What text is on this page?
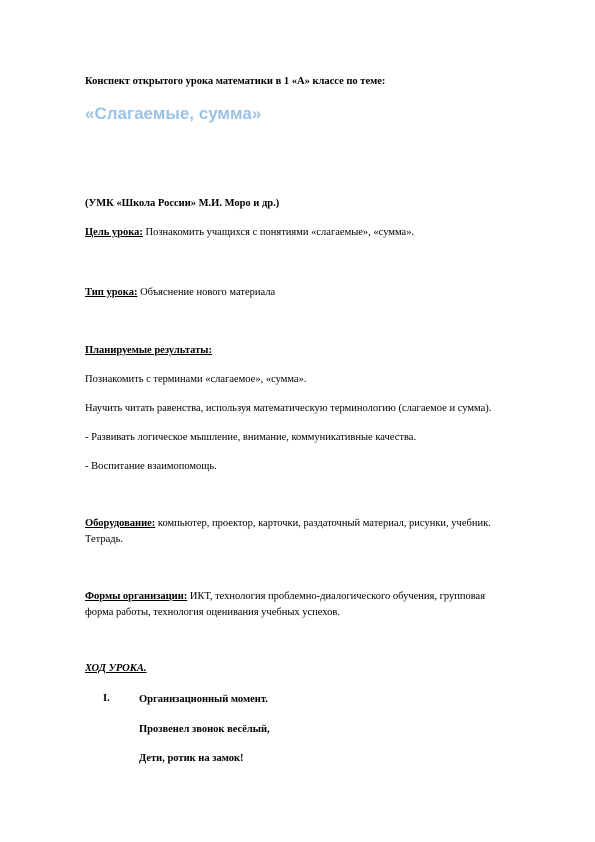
Конспект открытого урока математики в 1 «А» классе по теме:
«Слагаемые, сумма»
(УМК «Школа России» М.И. Моро и др.)
Цель урока: Познакомить учащихся с понятиями «слагаемые», «сумма».
Тип урока: Объяснение нового материала
Планируемые результаты:
Познакомить с терминами «слагаемое», «сумма».
Научить читать равенства, используя математическую терминологию (слагаемое и сумма).
- Развивать логическое мышление, внимание, коммуникативные качества.
- Воспитание взаимопомощь.
Оборудование: компьютер, проектор, карточки, раздаточный материал, рисунки, учебник.
Тетрадь.
Формы организации: ИКТ, технология проблемно-диалогического обучения, групповая
форма работы, технология оценивания учебных успехов.
ХОД УРОКА.
I.	Организационный момент.
Прозвенел звонок весёлый,
Дети, ротик на замок!
